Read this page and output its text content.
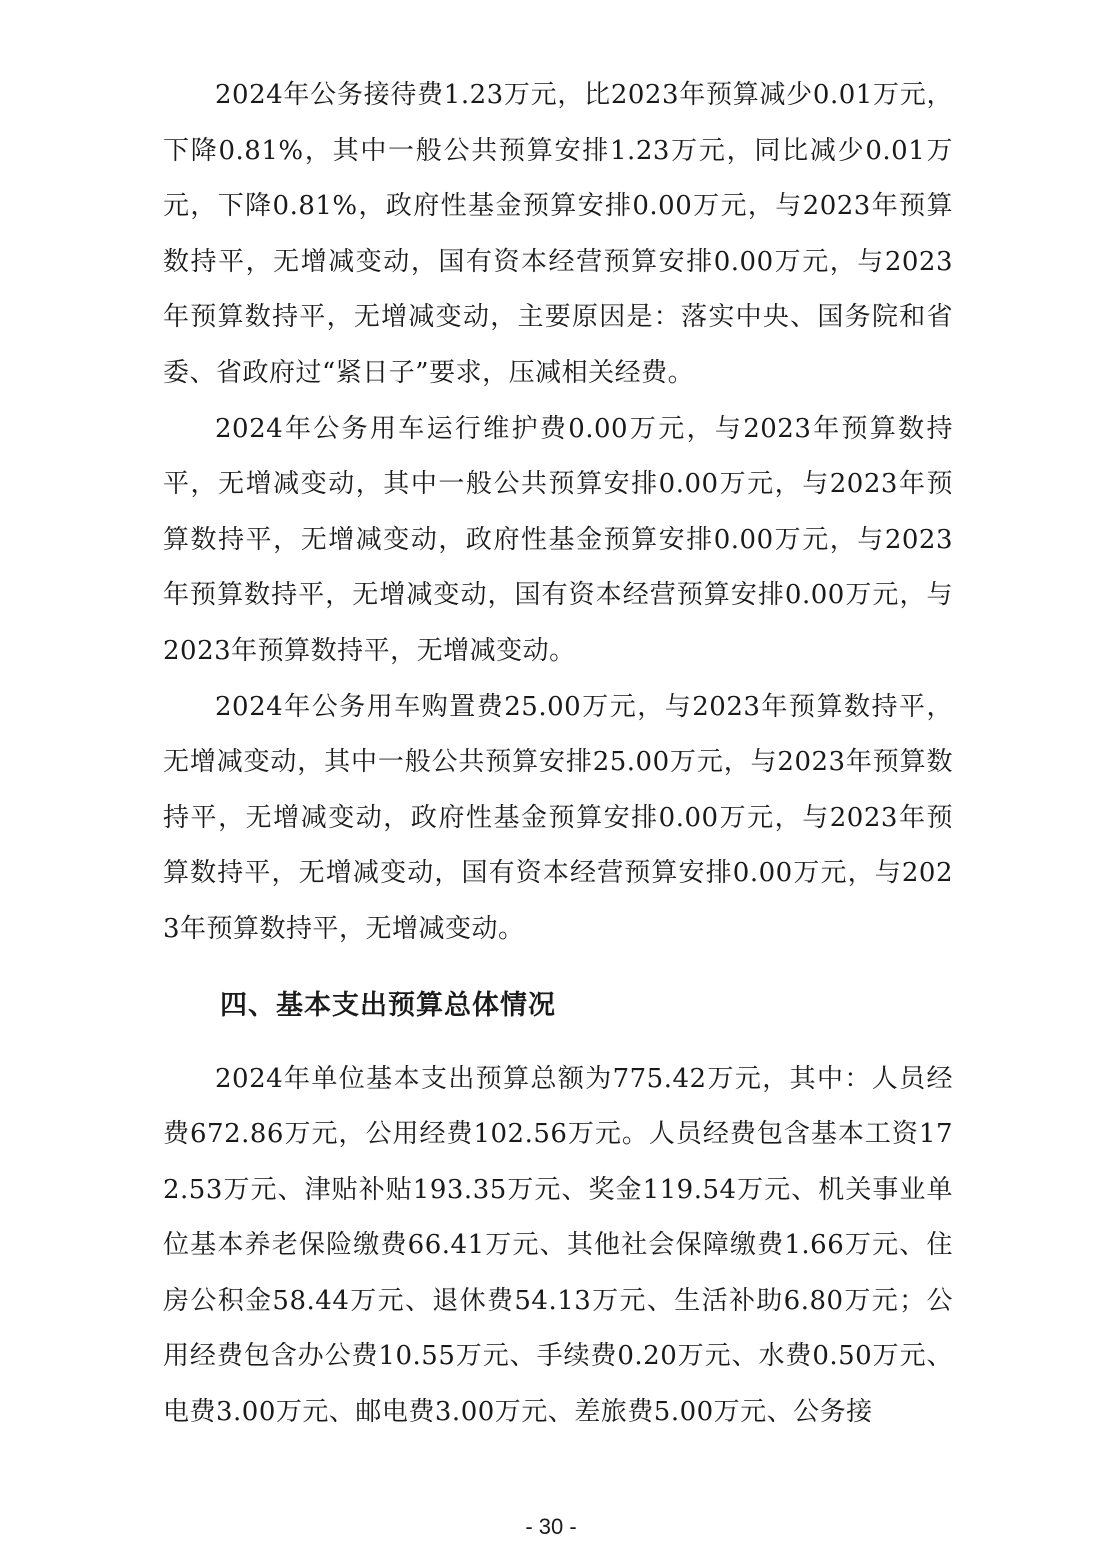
2024年公务接待费1.23万元，比2023年预算减少0.01万元，下降0.81%，其中一般公共预算安排1.23万元，同比减少0.01万元，下降0.81%，政府性基金预算安排0.00万元，与2023年预算数持平，无增减变动，国有资本经营预算安排0.00万元，与2023年预算数持平，无增减变动，主要原因是：落实中央、国务院和省委、省政府过“紧日子”要求，压减相关经费。

2024年公务用车运行维护费0.00万元，与2023年预算数持平，无增减变动，其中一般公共预算安排0.00万元，与2023年预算数持平，无增减变动，政府性基金预算安排0.00万元，与2023年预算数持平，无增减变动，国有资本经营预算安排0.00万元，与2023年预算数持平，无增减变动。

2024年公务用车购置费25.00万元，与2023年预算数持平，无增减变动，其中一般公共预算安排25.00万元，与2023年预算数持平，无增减变动，政府性基金预算安排0.00万元，与2023年预算数持平，无增减变动，国有资本经营预算安排0.00万元，与2023年预算数持平，无增减变动。

四、基本支出预算总体情况

2024年单位基本支出预算总额为775.42万元，其中：人员经费672.86万元，公用经费102.56万元。人员经费包含基本工资172.53万元、津贴补贴193.35万元、奖金119.54万元、机关事业单位基本养老保险缴费66.41万元、其他社会保障缴费1.66万元、住房公积金58.44万元、退休费54.13万元、生活补助6.80万元；公用经费包含办公费10.55万元、手续费0.20万元、水费0.50万元、电费3.00万元、邮电费3.00万元、差旅费5.00万元、公务接

- 30 -
